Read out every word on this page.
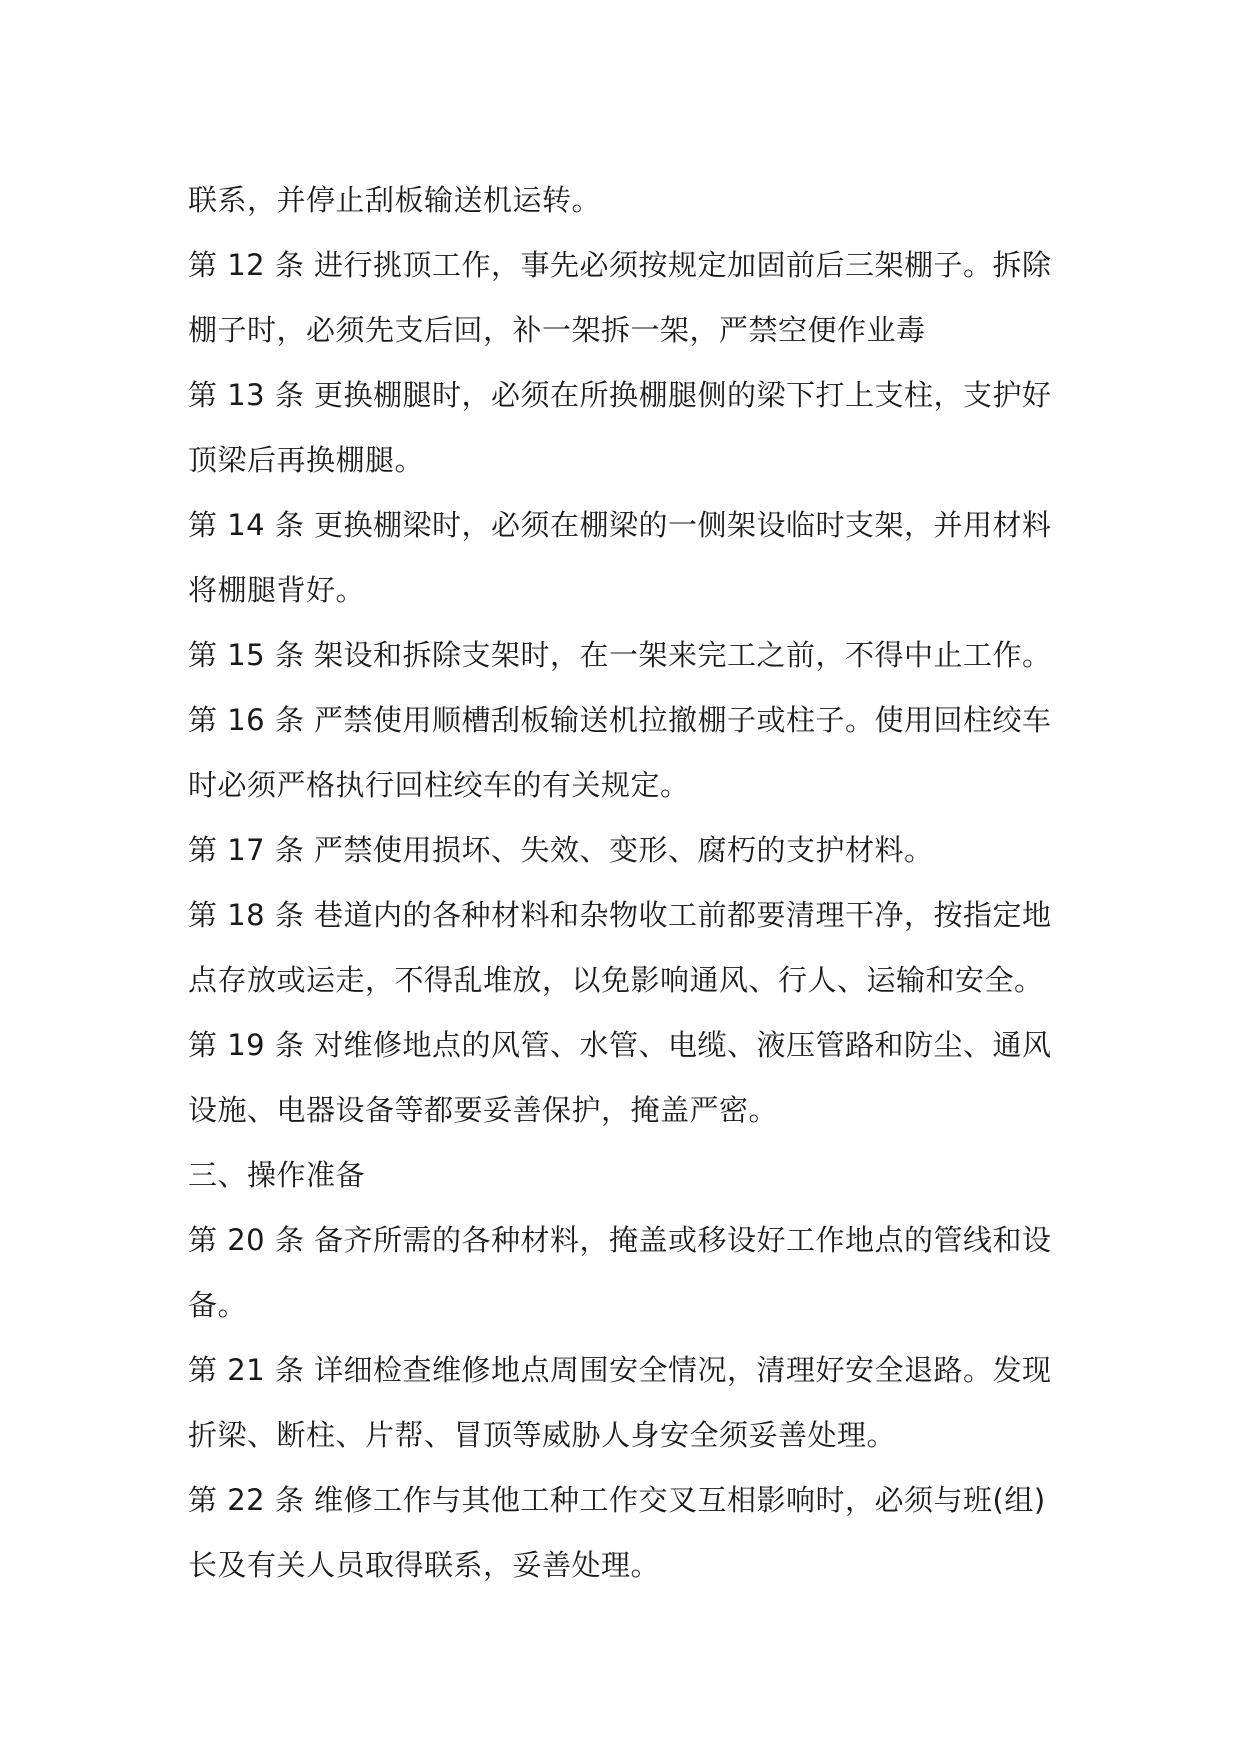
联系，并停止刮板输送机运转。
第 12 条 进行挑顶工作，事先必须按规定加固前后三架棚子。拆除
棚子时，必须先支后回，补一架拆一架，严禁空便作业毒
第 13 条 更换棚腿时，必须在所换棚腿侧的梁下打上支柱，支护好
顶梁后再换棚腿。
第 14 条 更换棚梁时，必须在棚梁的一侧架设临时支架，并用材料
将棚腿背好。
第 15 条 架设和拆除支架时，在一架来完工之前，不得中止工作。
第 16 条 严禁使用顺槽刮板输送机拉撤棚子或柱子。使用回柱绞车
时必须严格执行回柱绞车的有关规定。
第 17 条 严禁使用损坏、失效、变形、腐朽的支护材料。
第 18 条 巷道内的各种材料和杂物收工前都要清理干净，按指定地
点存放或运走，不得乱堆放，以免影响通风、行人、运输和安全。
第 19 条 对维修地点的风管、水管、电缆、液压管路和防尘、通风
设施、电器设备等都要妥善保护，掩盖严密。
三、操作准备
第 20 条 备齐所需的各种材料，掩盖或移设好工作地点的管线和设
备。
第 21 条 详细检查维修地点周围安全情况，清理好安全退路。发现
折梁、断柱、片帮、冒顶等威胁人身安全须妥善处理。
第 22 条 维修工作与其他工种工作交叉互相影响时，必须与班(组)
长及有关人员取得联系，妥善处理。
